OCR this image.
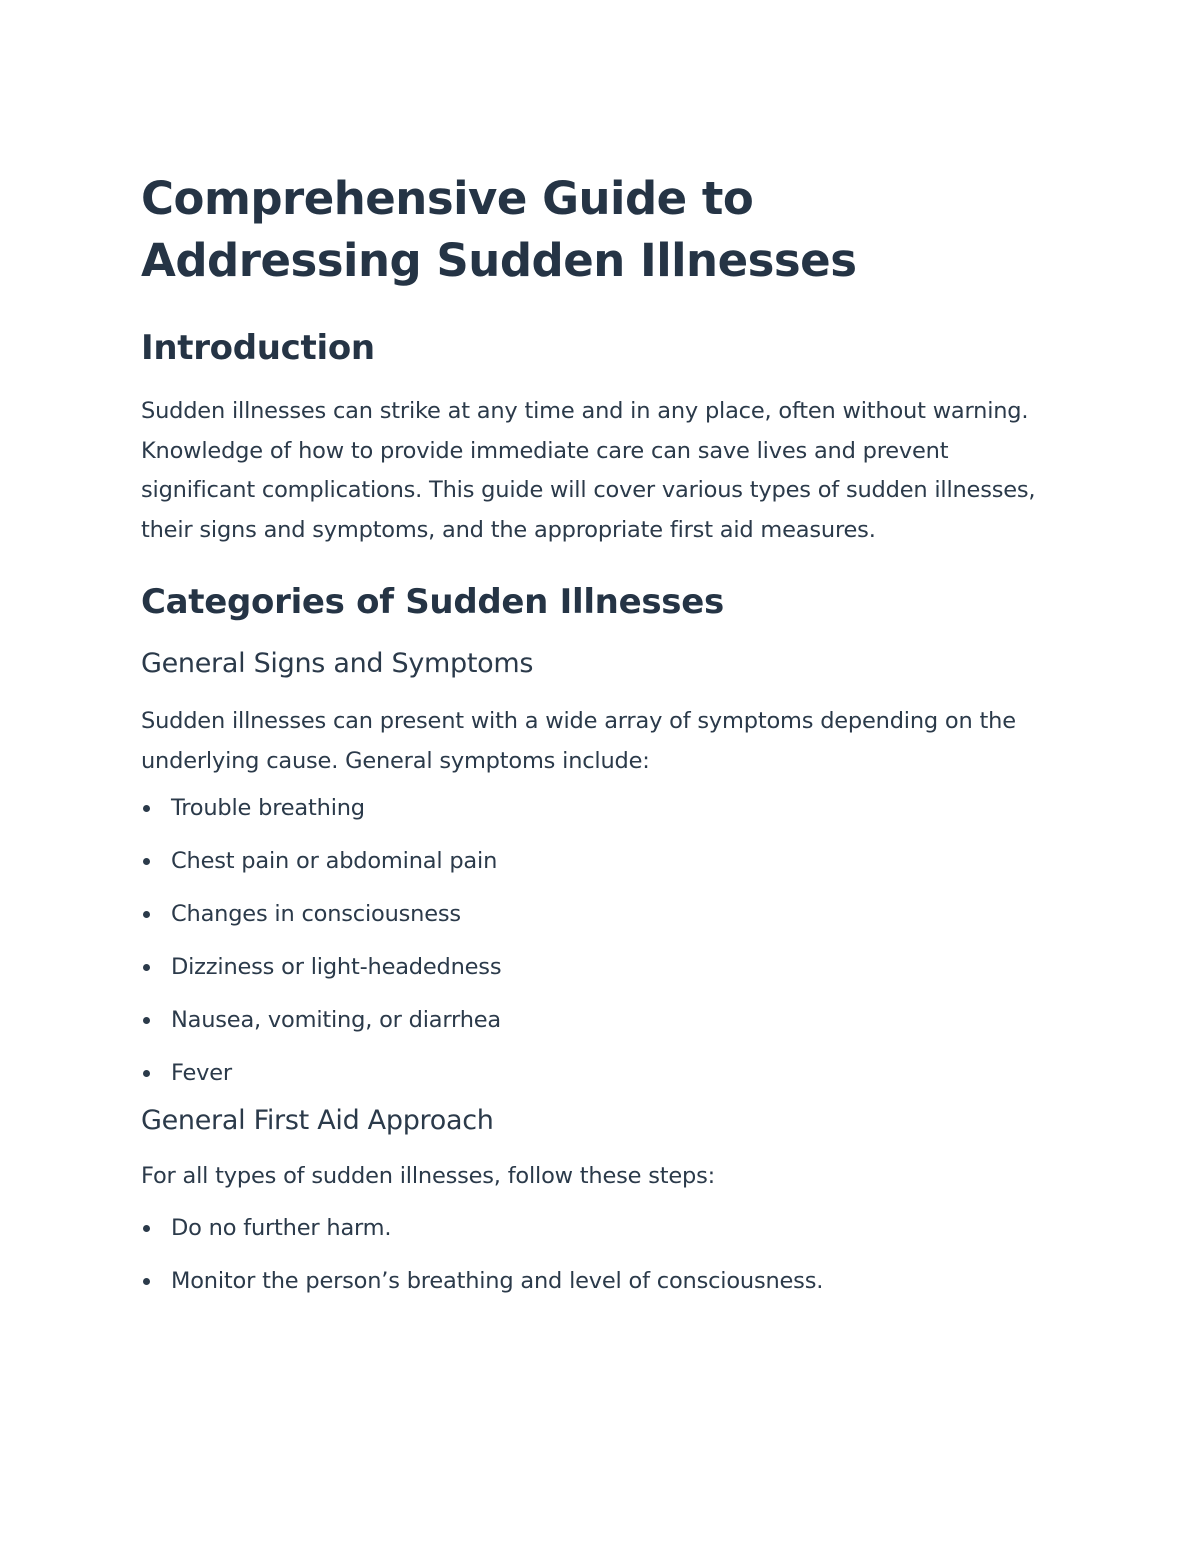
Comprehensive Guide to Addressing Sudden Illnesses
Introduction

Sudden illnesses can strike at any time and in any place, often without warning. Knowledge of how to provide immediate care can save lives and prevent significant complications. This guide will cover various types of sudden illnesses, their signs and symptoms, and the appropriate first aid measures.

Categories of Sudden Illnesses
General Signs and Symptoms

Sudden illnesses can present with a wide array of symptoms depending on the underlying cause. General symptoms include:

Trouble breathing
Chest pain or abdominal pain
Changes in consciousness
Dizziness or light-headedness
Nausea, vomiting, or diarrhea
Fever
General First Aid Approach

For all types of sudden illnesses, follow these steps:

Do no further harm.
Monitor the person’s breathing and level of consciousness.
